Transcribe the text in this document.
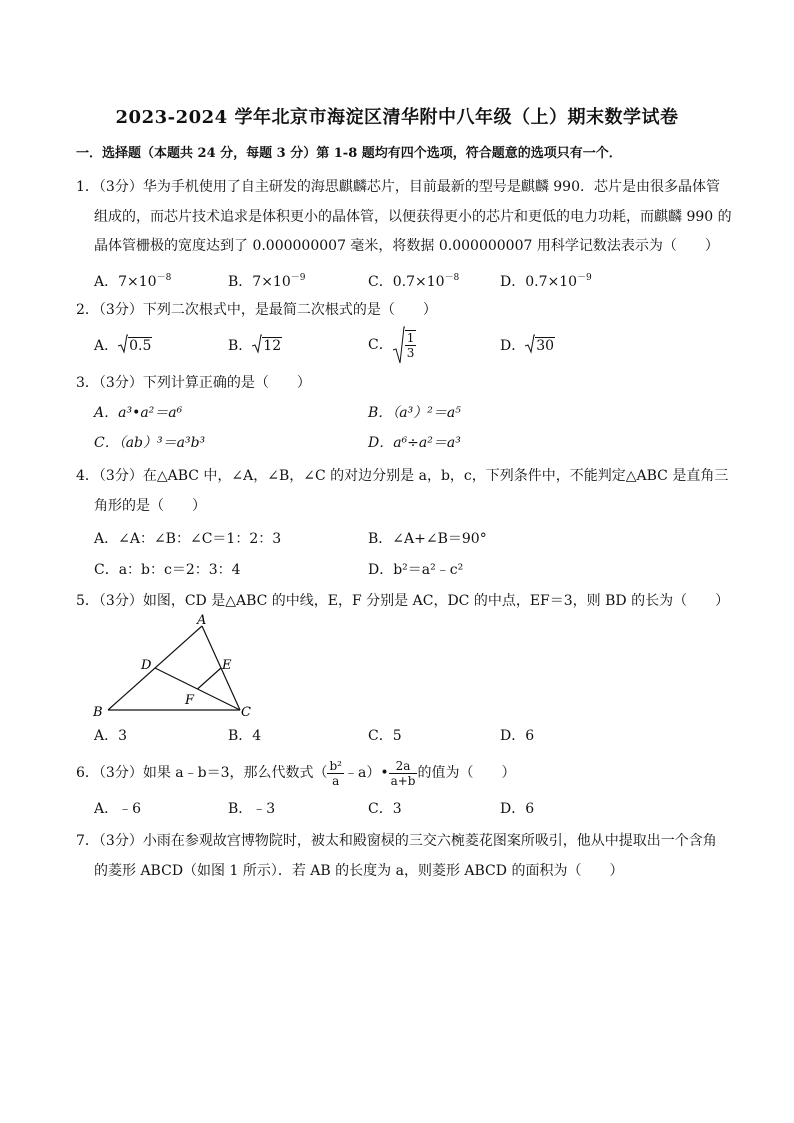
2023-2024 学年北京市海淀区清华附中八年级（上）期末数学试卷
一．选择题（本题共 24 分，每题 3 分）第 1-8 题均有四个选项，符合题意的选项只有一个．
1．（3分）华为手机使用了自主研发的海思麒麟芯片，目前最新的型号是麒麟 990．芯片是由很多晶体管
组成的，而芯片技术追求是体积更小的晶体管，以便获得更小的芯片和更低的电力功耗，而麒麟 990 的
晶体管栅极的宽度达到了 0.000000007 毫米，将数据 0.000000007 用科学记数法表示为（　　）
A．$7\times 10^{-8}$	B．$7\times 10^{-9}$	C．$0.7\times 10^{-8}$	D．$0.7\times 10^{-9}$
2．（3分）下列二次根式中，是最简二次根式的是（　　）
A． 0.5	B． 12	C． $\frac{1}{3}$	D． 30
3．（3分）下列计算正确的是（　　）
A．a³•a²＝a⁶	B．（a³）²＝a⁵
C．（ab）³＝a³b³	D．a⁶÷a²＝a³
4．（3分）在△ABC 中，∠A，∠B，∠C 的对边分别是 a，b，c，下列条件中，不能判定△ABC 是直角三
角形的是（　　）
A．∠A：∠B：∠C＝1：2：3	B．∠A+∠B＝90°
C．a：b：c＝2：3：4	D．b²＝a²﹣c²
5．（3分）如图，CD 是△ABC 的中线，E，F 分别是 AC，DC 的中点，EF＝3，则 BD 的长为（　　）
A
B	C
D	E
F
A．3	B．4	C．5	D．6
6．（3分）如果 a﹣b＝3，那么代数式（ $\frac{\text{b²}}{a}$ ﹣a）• $\frac{2a}{a+b}$ 的值为（　　）
A．﹣6	B．﹣3	C．3	D．6
7．（3分）小雨在参观故宫博物院时，被太和殿窗棂的三交六椀菱花图案所吸引，他从中提取出一个含角
的菱形 ABCD（如图 1 所示）．若 AB 的长度为 a，则菱形 ABCD 的面积为（　　）
